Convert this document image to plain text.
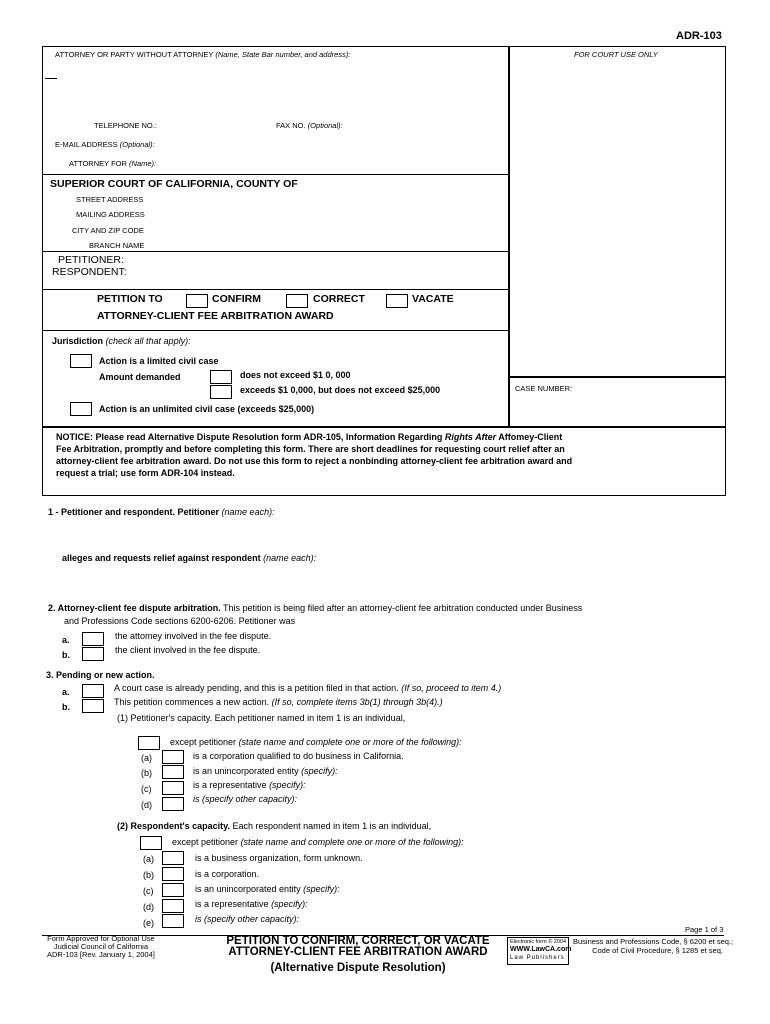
ADR-103
ATTORNEY OR PARTY WITHOUT ATTORNEY (Name, State Bar number, and address):	FOR COURT USE ONLY
TELEPHONE NO.:	FAX NO. (Optional):
E-MAIL ADDRESS (Optional):
ATTORNEY FOR (Name):
SUPERIOR COURT OF CALIFORNIA, COUNTY OF
STREET ADDRESS
MAILING ADDRESS
CITY AND ZIP CODE
BRANCH NAME
PETITIONER:
RESPONDENT:
PETITION TO	CONFIRM	CORRECT	VACATE
ATTORNEY-CLIENT FEE ARBITRATION AWARD
Jurisdiction (check all that apply):
Action is a limited civil case
Amount demanded	does not exceed $1 0, 000
exceeds $1 0,000, but does not exceed $25,000
Action is an unlimited civil case (exceeds $25,000)
CASE NUMBER:
NOTICE: Please read Alternative Dispute Resolution form ADR-105, Information Regarding Rights After Affomey-Client
Fee Arbitration, promptly and before completing this form. There are short deadlines for requesting court relief after an
attorney-client fee arbitration award. Do not use this form to reject a nonbinding attorney-client fee arbitration award and
request a trial; use form ADR-104 instead.
1 - Petitioner and respondent. Petitioner (name each):
alleges and requests relief against respondent (name each):
2. Attorney-client fee dispute arbitration. This petition is being filed after an attorney-client fee arbitration conducted under Business
and Professions Code sections 6200-6206. Petitioner was
a.	the attomey involved in the fee dispute.
b.	the client involved in the fee dispute.
3. Pending or new action.
a.	A court case is already pending, and this is a petition filed in that action. (If so, proceed to item 4.)
b.	This petition commences a new action. (If so, complete items 3b(1) through 3b(4).)
(1) Petitioner's capacity. Each petitioner named in item 1 is an individual,
except petitioner (state name and complete one or more of the following):
(a)	is a corporation qualified to do business in California.
(b)	is an unincorporated entity (specify):
(c)	is a representative (specify):
(d)
is (specify other capacity):
(2) Respondent's capacity. Each respondent named in item 1 is an individual,
except petitioner (state name and complete one or more of the following):
(a)	is a business organization, form unknown.
(b)	is a corporation.
(c)	is an unincorporated entity (specify):
(d)	is a representative (specify):
(e)	is (specify other capacity):
Page 1 of 3
Form Approved for Optional Use
Judicial Council of California
ADR-103 [Rev. January 1, 2004]
PETITION TO CONFIRM, CORRECT, OR VACATE
ATTORNEY-CLIENT FEE ARBITRATION AWARD
(Alternative Dispute Resolution)
Electronic form © 2004
WWW.LawCA.com
Law Publishers
Business and Professions Code, § 6200 et seq.;
Code of Civil Procedure, § 1285 et seq.
